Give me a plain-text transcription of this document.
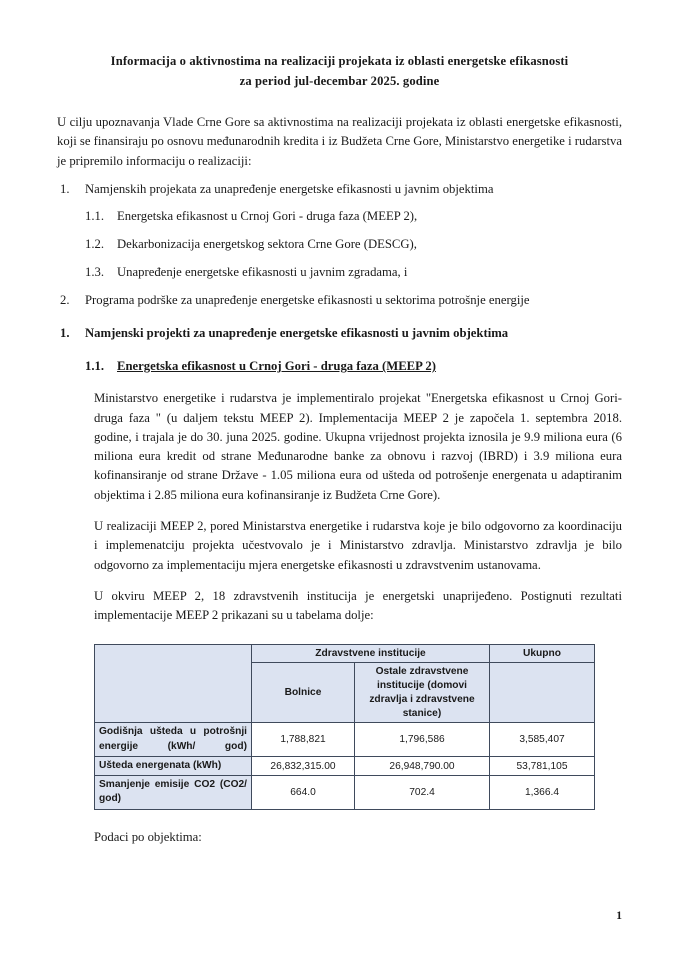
Informacija o aktivnostima na realizaciji projekata iz oblasti energetske efikasnosti
za period jul-decembar 2025. godine

U cilju upoznavanja Vlade Crne Gore sa aktivnostima na realizaciji projekata iz oblasti energetske efikasnosti, koji se finansiraju po osnovu međunarodnih kredita i iz Budžeta Crne Gore, Ministarstvo energetike i rudarstva je pripremilo informaciju o realizaciji:

1. Namjenskih projekata za unapređenje energetske efikasnosti u javnim objektima
1.1. Energetska efikasnost u Crnoj Gori - druga faza (MEEP 2),
1.2. Dekarbonizacija energetskog sektora Crne Gore (DESCG),
1.3. Unapređenje energetske efikasnosti u javnim zgradama, i
2. Programa podrške za unapređenje energetske efikasnosti u sektorima potrošnje energije
1. Namjenski projekti za unapređenje energetske efikasnosti u javnim objektima
1.1. Energetska efikasnost u Crnoj Gori - druga faza (MEEP 2)

Ministarstvo energetike i rudarstva je implementiralo projekat "Energetska efikasnost u Crnoj Gori-druga faza " (u daljem tekstu MEEP 2). Implementacija MEEP 2 je započela 1. septembra 2018. godine, i trajala je do 30. juna 2025. godine. Ukupna vrijednost projekta iznosila je 9.9 miliona eura (6 miliona eura kredit od strane Međunarodne banke za obnovu i razvoj (IBRD) i 3.9 miliona eura kofinansiranje od strane Države - 1.05 miliona eura od ušteda od potrošenje energenata u adaptiranim objektima i 2.85 miliona eura kofinansiranje iz Budžeta Crne Gore).

U realizaciji MEEP 2, pored Ministarstva energetike i rudarstva koje je bilo odgovorno za koordinaciju i implemenatciju projekta učestvovalo je i Ministarstvo zdravlja. Ministarstvo zdravlja je bilo odgovorno za implementaciju mjera energetske efikasnosti u zdravstvenim ustanovama.

U okviru MEEP 2, 18 zdravstvenih institucija je energetski unaprijeđeno. Postignuti rezultati implementacije MEEP 2 prikazani su u tabelama dolje:

	Zdravstvene institucije		Ukupno
	Bolnice	Ostale zdravstvene institucije (domovi zdravlja i zdravstvene stanice)	
Godišnja ušteda u potrošnji energije (kWh/ god)	1,788,821	1,796,586	3,585,407
Ušteda energenata (kWh)	26,832,315.00	26,948,790.00	53,781,105
Smanjenje emisije CO2 (CO2/ god)	664.0	702.4	1,366.4

Podaci po objektima:

1
